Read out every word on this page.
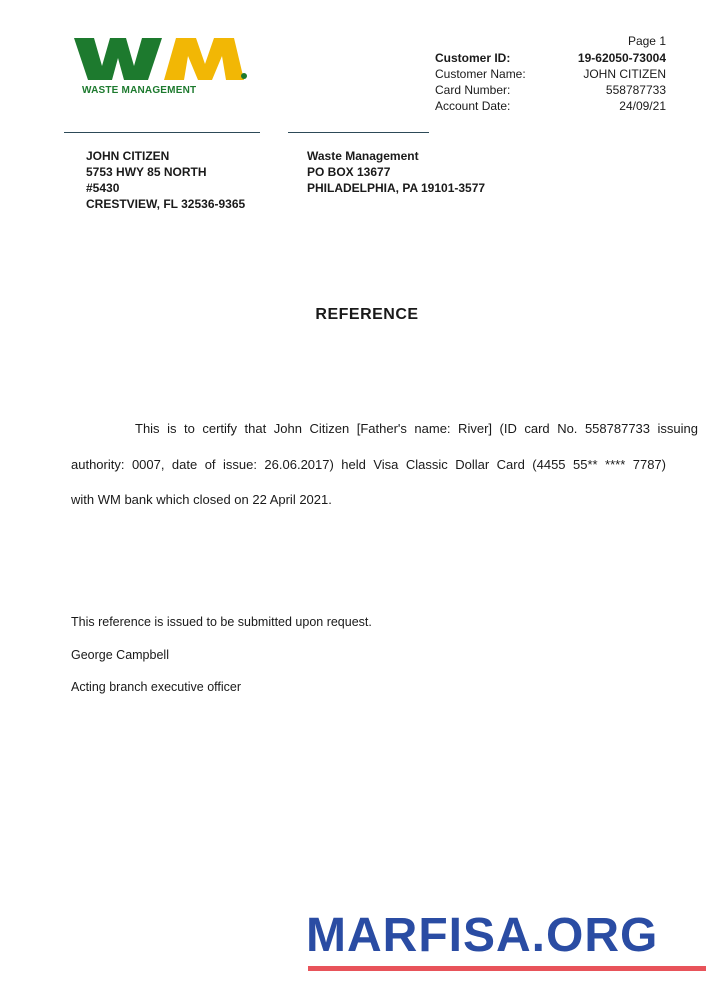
WASTE MANAGEMENT
Page 1
Customer ID:	19-62050-73004
Customer Name:	JOHN CITIZEN
Card Number:	558787733
Account Date:	24/09/21
JOHN CITIZEN
5753 HWY 85 NORTH
#5430
CRESTVIEW, FL 32536-9365
Waste Management
PO BOX 13677
PHILADELPHIA, PA 19101-3577
REFERENCE
This is to certify that John Citizen [Father's name: River] (ID card No. 558787733 issuing
authority: 0007, date of issue: 26.06.2017) held Visa Classic Dollar Card (4455 55** **** 7787)
with WM bank which closed on 22 April 2021.
This reference is issued to be submitted upon request.
George Campbell
Acting branch executive officer
MARFISA.ORG
